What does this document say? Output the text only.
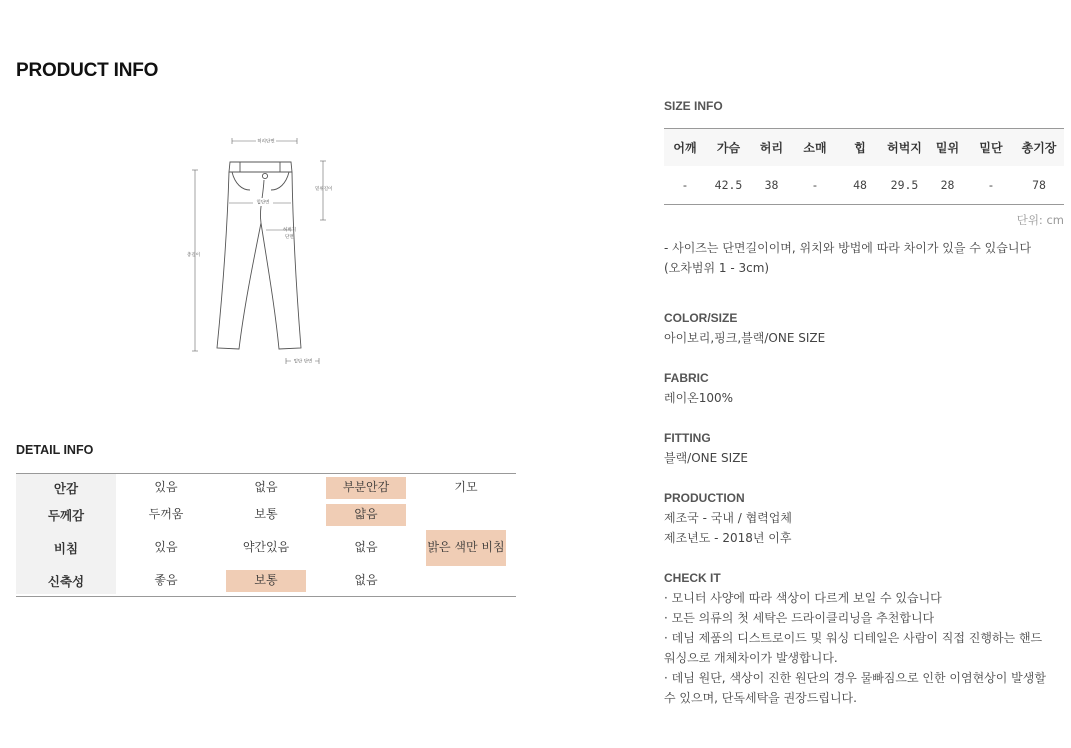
PRODUCT INFO
허리단면
밑위길이
힙단면
총길이
허벅지
단면
밑단 단면
DETAIL INFO
안감	있음	없음	부분안감	기모
두께감	두꺼움	보통	얇음
비침	있음	약간있음	없음	밝은 색만 비침
신축성	좋음	보통	없음
SIZE INFO
어깨	가슴	허리	소매	힙	허벅지	밑위	밑단	총기장
-	42.5	38	-	48	29.5	28	-	78
단위: cm
- 사이즈는 단면길이이며, 위치와 방법에 따라 차이가 있을 수 있습니다
(오차범위 1 - 3cm)
COLOR/SIZE
아이보리,핑크,블랙/ONE SIZE
FABRIC
레이온100%
FITTING
블랙/ONE SIZE
PRODUCTION
제조국 - 국내 / 협력업체
제조년도 - 2018년 이후
CHECK IT
· 모니터 사양에 따라 색상이 다르게 보일 수 있습니다
· 모든 의류의 첫 세탁은 드라이클리닝을 추천합니다
· 데님 제품의 디스트로이드 및 워싱 디테일은 사람이 직접 진행하는 핸드
워싱으로 개체차이가 발생합니다.
· 데님 원단, 색상이 진한 원단의 경우 물빠짐으로 인한 이염현상이 발생할
수 있으며, 단독세탁을 권장드립니다.
